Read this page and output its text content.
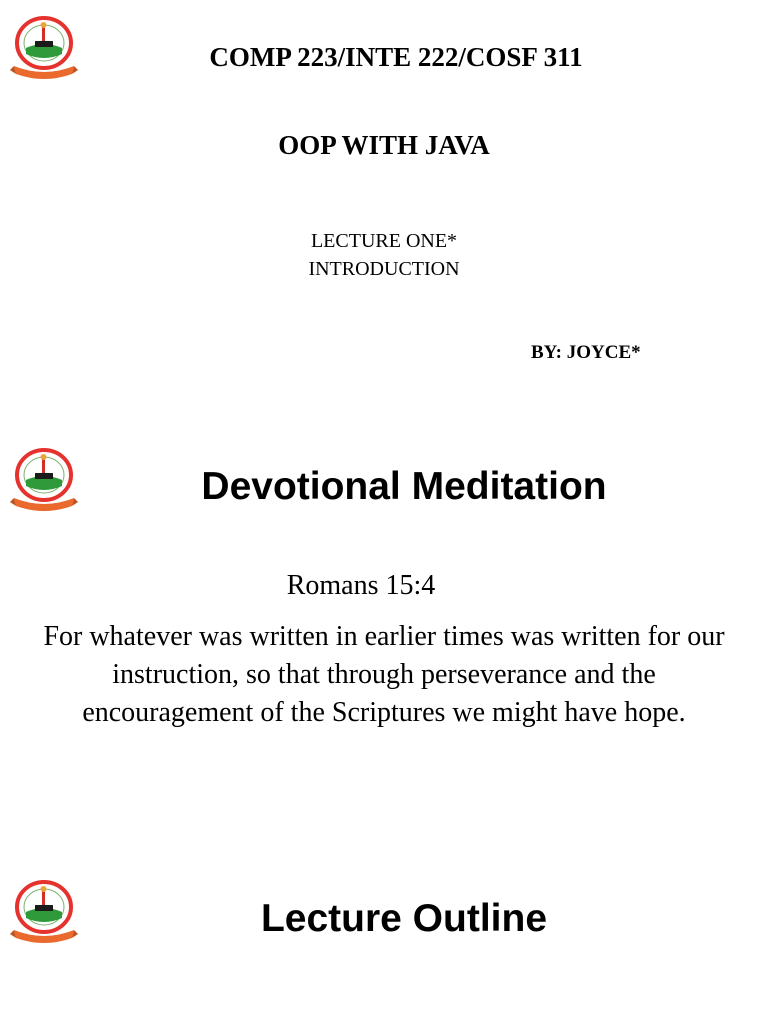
COMP 223/INTE 222/COSF 311

OOP WITH JAVA

LECTURE ONE*

INTRODUCTION

BY: JOYCE*

Devotional Meditation

Romans 15:4

For whatever was written in earlier times was written for our instruction, so that through perseverance and the encouragement of the Scriptures we might have hope.

Lecture Outline
